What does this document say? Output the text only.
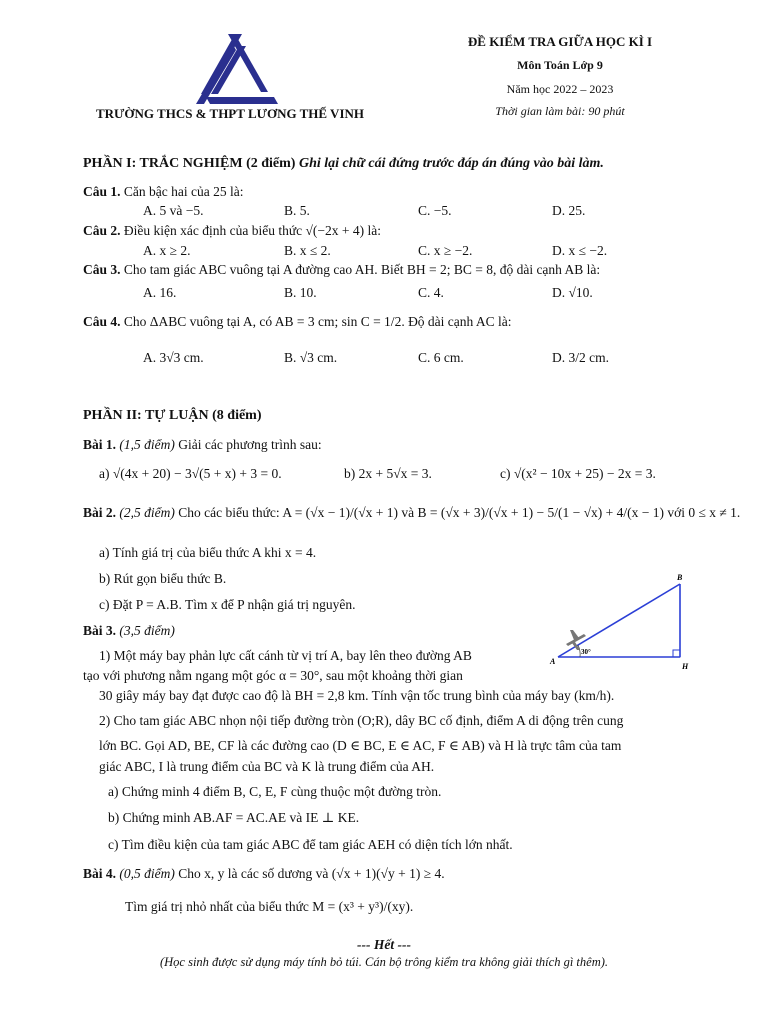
TRƯỜNG THCS & THPT LƯƠNG THẾ VINH
ĐỀ KIỂM TRA GIỮA HỌC KÌ I
Môn Toán Lớp 9
Năm học 2022 – 2023
Thời gian làm bài: 90 phút
PHẦN I: TRẮC NGHIỆM (2 điểm) Ghi lại chữ cái đứng trước đáp án đúng vào bài làm.
Câu 1. Căn bậc hai của 25 là:
A. 5 và −5.	B. 5.	C. −5.	D. 25.
Câu 2. Điều kiện xác định của biểu thức √(−2x + 4) là:
A. x ≥ 2.	B. x ≤ 2.	C. x ≥ −2.	D. x ≤ −2.
Câu 3. Cho tam giác ABC vuông tại A đường cao AH. Biết BH = 2; BC = 8, độ dài cạnh AB là:
A. 16.	B. 10.	C. 4.	D. √10.
Câu 4. Cho ΔABC vuông tại A, có AB = 3 cm; sin C = 1/2. Độ dài cạnh AC là:
A. 3√3 cm.	B. √3 cm.	C. 6 cm.	D. 3/2 cm.
PHẦN II: TỰ LUẬN (8 điểm)
Bài 1. (1,5 điểm) Giải các phương trình sau:
a) √(4x + 20) − 3√(5 + x) + 3 = 0.	b) 2x + 5√x = 3.	c) √(x² − 10x + 25) − 2x = 3.
Bài 2. (2,5 điểm) Cho các biểu thức: A = (√x − 1)/(√x + 1) và B = (√x + 3)/(√x + 1) − 5/(1 − √x) + 4/(x − 1) với 0 ≤ x ≠ 1.
a) Tính giá trị của biểu thức A khi x = 4.
b) Rút gọn biểu thức B.
c) Đặt P = A.B. Tìm x để P nhận giá trị nguyên.
Bài 3. (3,5 điểm)
1) Một máy bay phản lực cất cánh từ vị trí A, bay lên theo đường AB
tạo với phương nằm ngang một góc α = 30°, sau một khoảng thời gian
30 giây máy bay đạt được cao độ là BH = 2,8 km. Tính vận tốc trung bình của máy bay (km/h).
A
B
H
30°
2) Cho tam giác ABC nhọn nội tiếp đường tròn (O;R), dây BC cố định, điểm A di động trên cung
lớn BC. Gọi AD, BE, CF là các đường cao (D ∈ BC, E ∈ AC, F ∈ AB) và H là trực tâm của tam
giác ABC, I là trung điểm của BC và K là trung điểm của AH.
a) Chứng minh 4 điểm B, C, E, F cùng thuộc một đường tròn.
b) Chứng minh AB.AF = AC.AE và IE ⊥ KE.
c) Tìm điều kiện của tam giác ABC để tam giác AEH có diện tích lớn nhất.
Bài 4. (0,5 điểm) Cho x, y là các số dương và (√x + 1)(√y + 1) ≥ 4.
Tìm giá trị nhỏ nhất của biểu thức M = (x³ + y³)/(xy).
--- Hết ---
(Học sinh được sử dụng máy tính bỏ túi. Cán bộ trông kiểm tra không giải thích gì thêm).
